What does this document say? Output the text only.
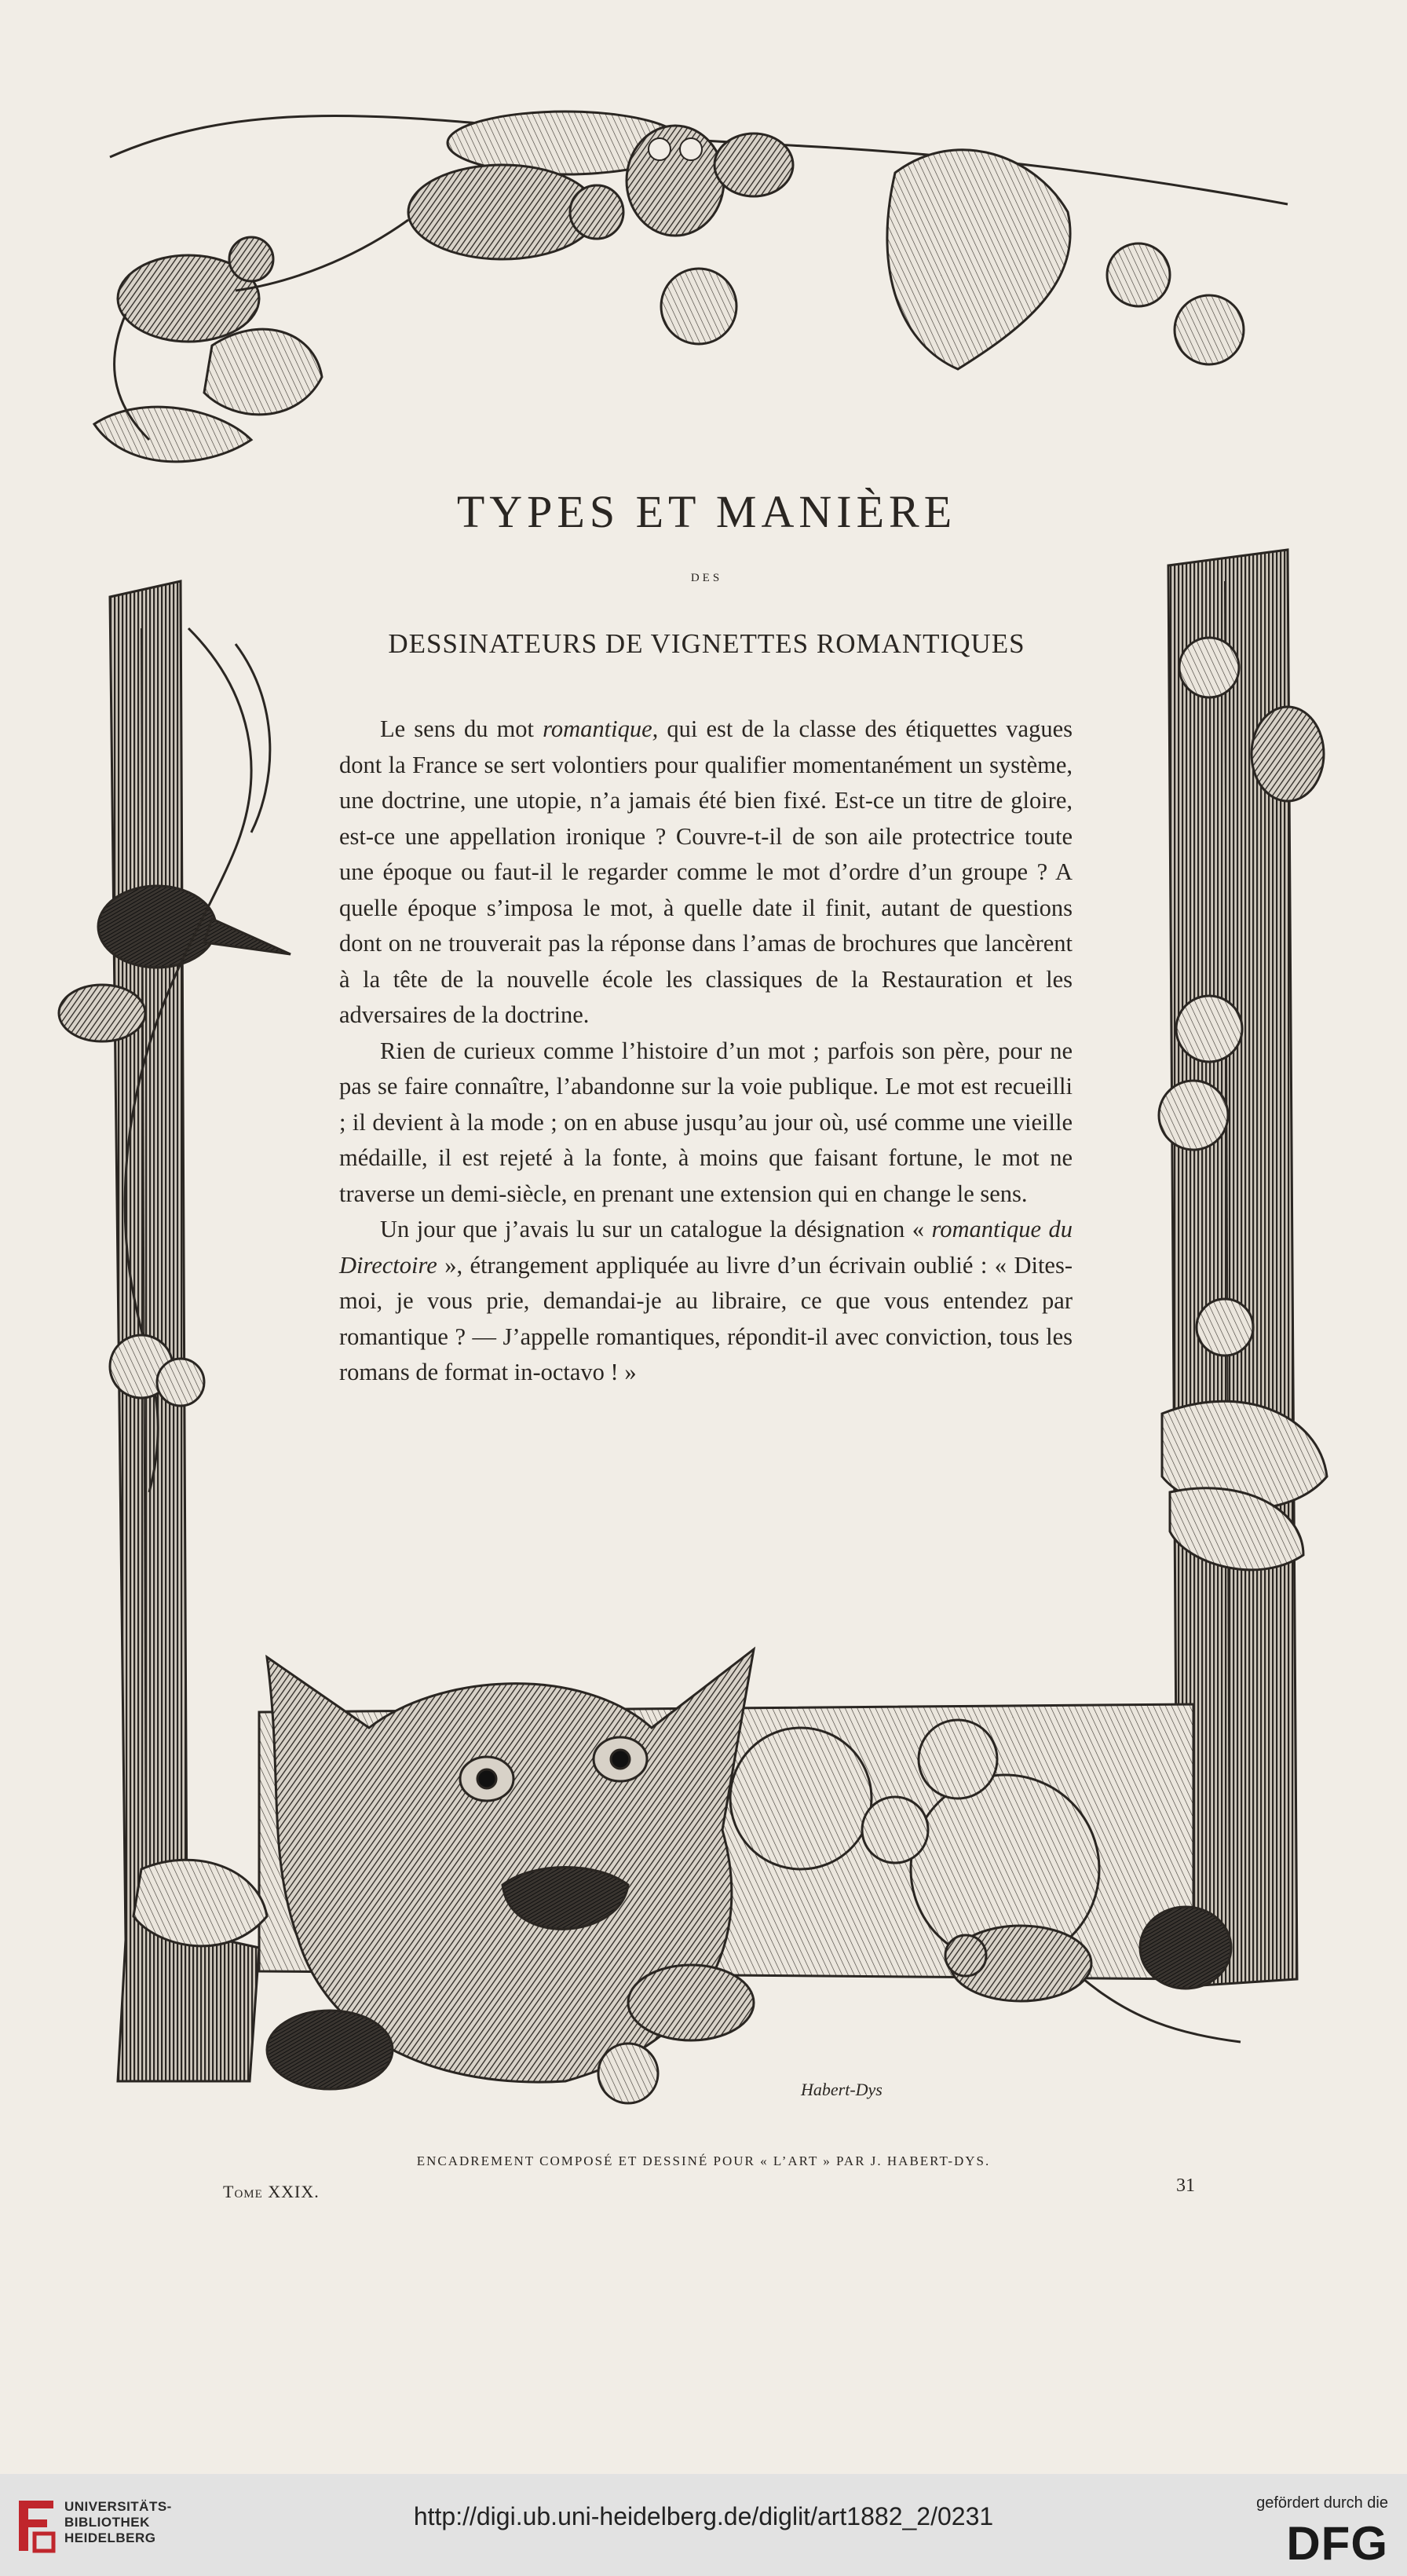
Habert-Dys
TYPES ET MANIÈRE
DES
DESSINATEURS DE VIGNETTES ROMANTIQUES

Le sens du mot romantique, qui est de la classe des étiquettes vagues dont la France se sert volontiers pour qualifier momentanément un système, une doctrine, une utopie, n’a jamais été bien fixé. Est-ce un titre de gloire, est-ce une appellation ironique ? Couvre-t-il de son aile protectrice toute une époque ou faut-il le regarder comme le mot d’ordre d’un groupe ? A quelle époque s’imposa le mot, à quelle date il finit, autant de questions dont on ne trouverait pas la réponse dans l’amas de brochures que lancèrent à la tête de la nouvelle école les classiques de la Restauration et les adversaires de la doctrine.

Rien de curieux comme l’histoire d’un mot ; parfois son père, pour ne pas se faire connaître, l’abandonne sur la voie publique. Le mot est recueilli ; il devient à la mode ; on en abuse jusqu’au jour où, usé comme une vieille médaille, il est rejeté à la fonte, à moins que faisant fortune, le mot ne traverse un demi-siècle, en prenant une extension qui en change le sens.

Un jour que j’avais lu sur un catalogue la désignation « romantique du Directoire », étrangement appliquée au livre d’un écrivain oublié : « Dites-moi, je vous prie, demandai-je au libraire, ce que vous entendez par romantique ? — J’appelle romantiques, répondit-il avec conviction, tous les romans de format in-octavo ! »

ENCADREMENT COMPOSÉ ET DESSINÉ POUR « L’ART » PAR J. HABERT-DYS.
Tome XXIX.	31
UNIVERSITÄTS-
BIBLIOTHEK
HEIDELBERG
http://digi.ub.uni-heidelberg.de/diglit/art1882_2/0231	gefördert durch die
DFG
